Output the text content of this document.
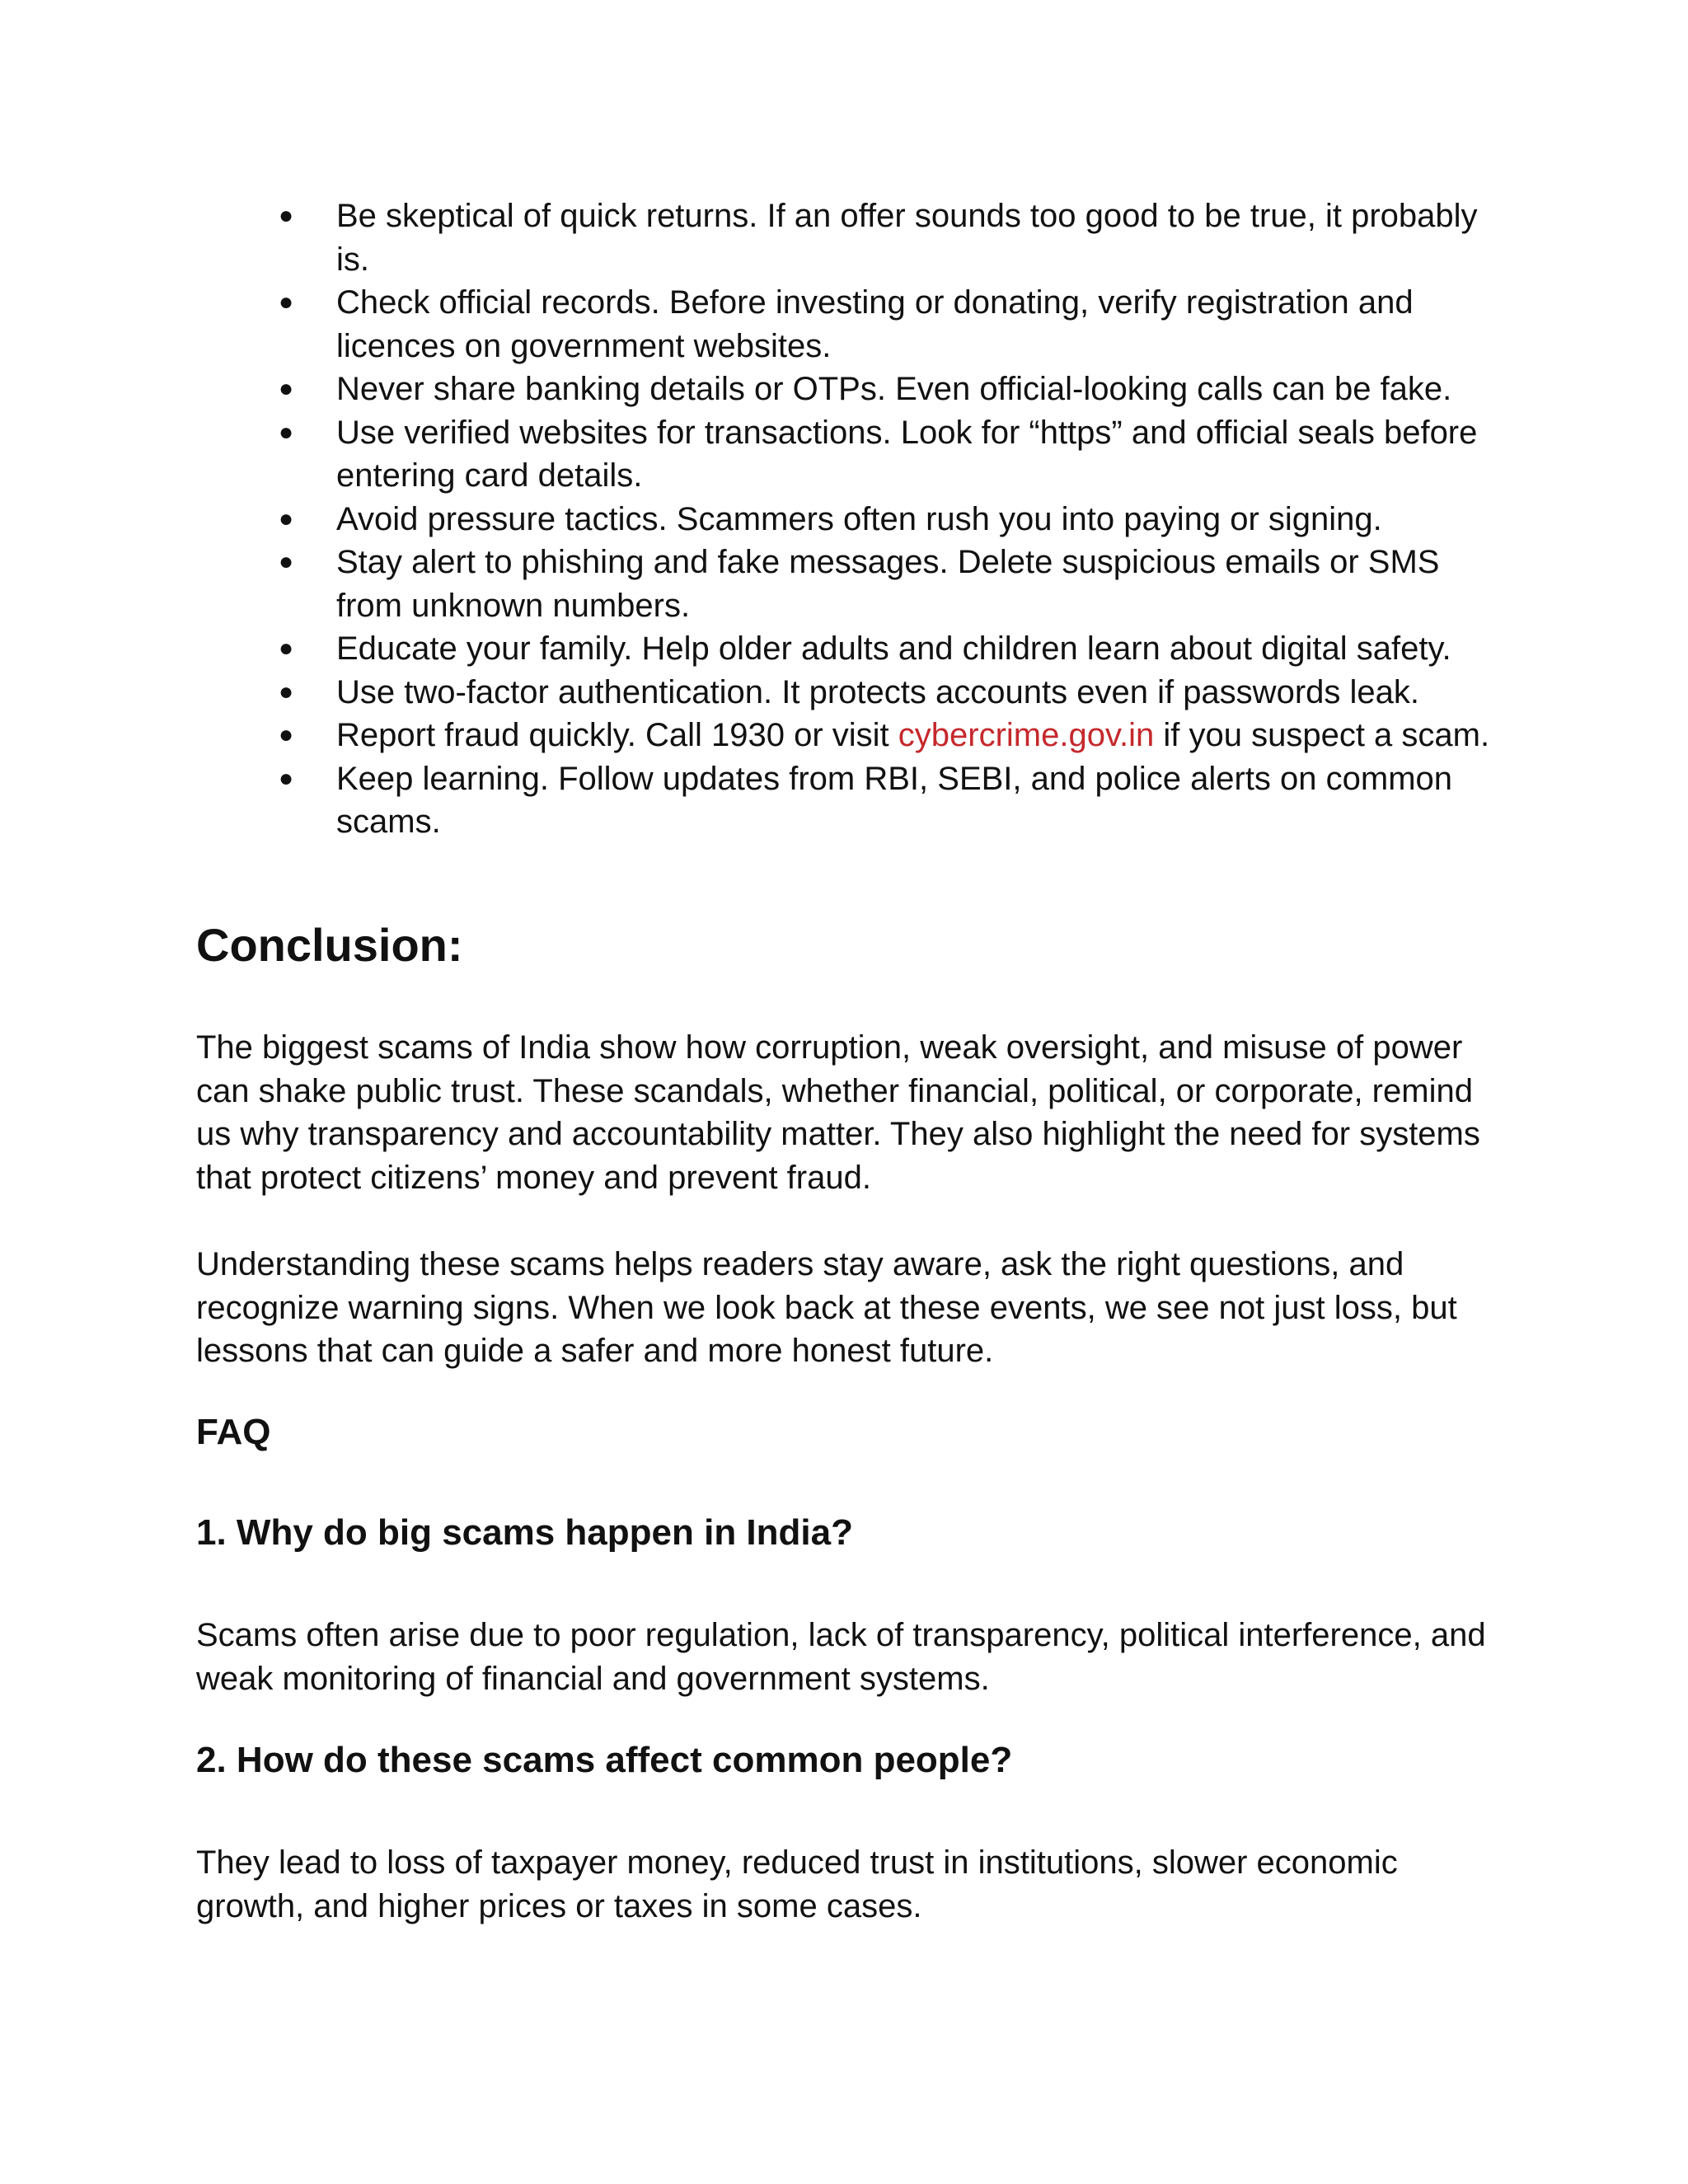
●	Be skeptical of quick returns. If an offer sounds too good to be true, it probably is.
●	Check official records. Before investing or donating, verify registration and licences on government websites.
●	Never share banking details or OTPs. Even official-looking calls can be fake.
●	Use verified websites for transactions. Look for “https” and official seals before entering card details.
●	Avoid pressure tactics. Scammers often rush you into paying or signing.
●	Stay alert to phishing and fake messages. Delete suspicious emails or SMS from unknown numbers.
●	Educate your family. Help older adults and children learn about digital safety.
●	Use two-factor authentication. It protects accounts even if passwords leak.
●	Report fraud quickly. Call 1930 or visit cybercrime.gov.in if you suspect a scam.
●	Keep learning. Follow updates from RBI, SEBI, and police alerts on common scams.
Conclusion:

The biggest scams of India show how corruption, weak oversight, and misuse of power can shake public trust. These scandals, whether financial, political, or corporate, remind us why transparency and accountability matter. They also highlight the need for systems that protect citizens’ money and prevent fraud.

Understanding these scams helps readers stay aware, ask the right questions, and recognize warning signs. When we look back at these events, we see not just loss, but lessons that can guide a safer and more honest future.

FAQ
1. Why do big scams happen in India?

Scams often arise due to poor regulation, lack of transparency, political interference, and weak monitoring of financial and government systems.

2. How do these scams affect common people?

They lead to loss of taxpayer money, reduced trust in institutions, slower economic growth, and higher prices or taxes in some cases.
